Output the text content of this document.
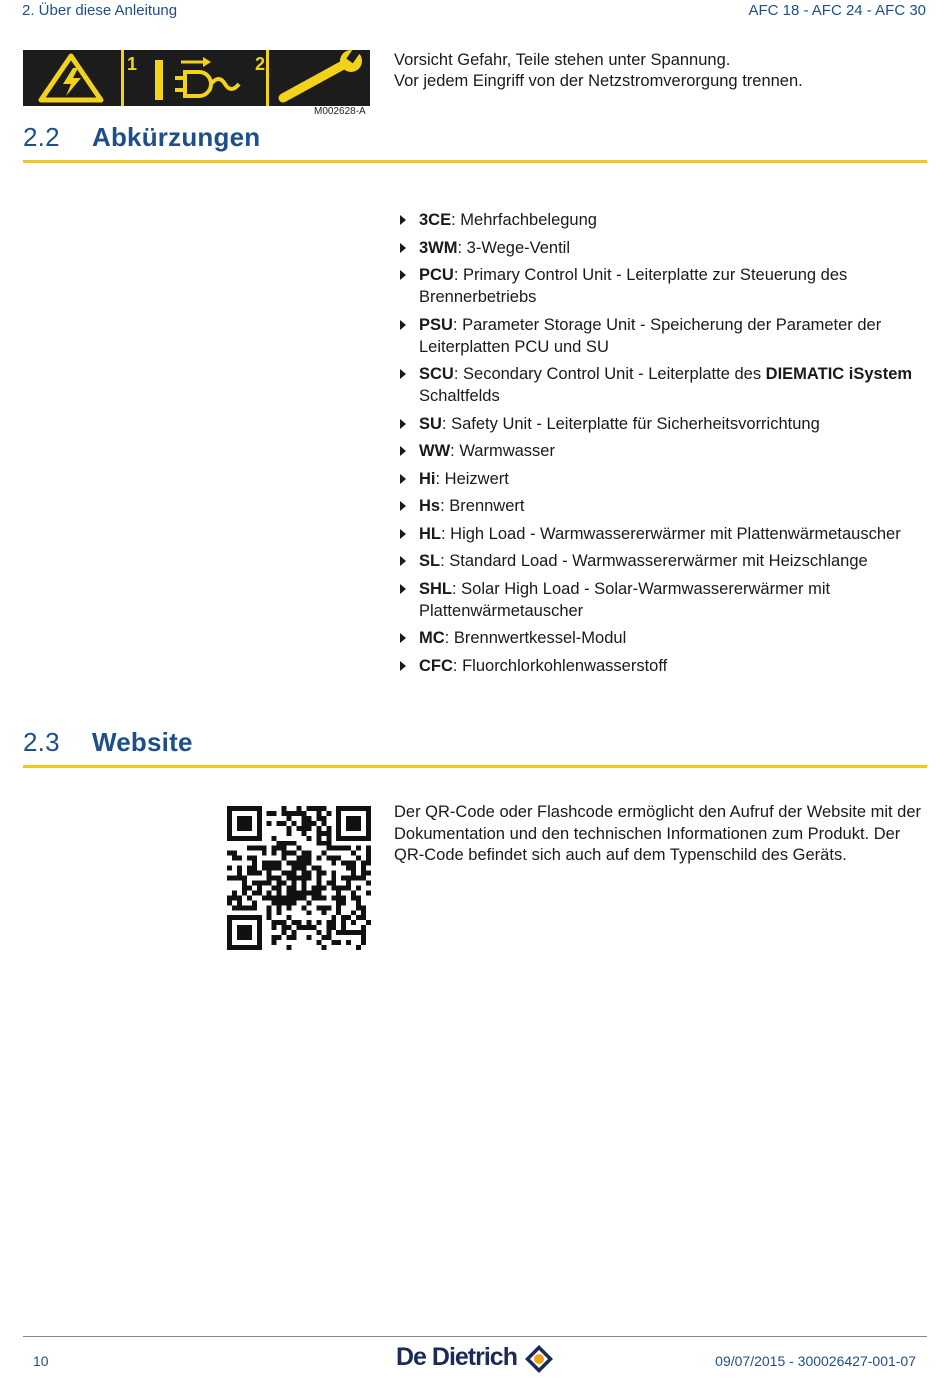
2. Über diese Anleitung	AFC 18 - AFC 24 - AFC 30
1	2
M002628-A
Vorsicht Gefahr, Teile stehen unter Spannung.
Vor jedem Eingriff von der Netzstromverorgung trennen.
2.2 Abkürzungen
3CE: Mehrfachbelegung
3WM: 3-Wege-Ventil
PCU: Primary Control Unit - Leiterplatte zur Steuerung des Brennerbetriebs
PSU: Parameter Storage Unit - Speicherung der Parameter der Leiterplatten PCU und SU
SCU: Secondary Control Unit - Leiterplatte des DIEMATIC iSystem Schaltfelds
SU: Safety Unit - Leiterplatte für Sicherheitsvorrichtung
WW: Warmwasser
Hi: Heizwert
Hs: Brennwert
HL: High Load - Warmwassererwärmer mit Plattenwärmetauscher
SL: Standard Load - Warmwassererwärmer mit Heizschlange
SHL: Solar High Load - Solar-Warmwassererwärmer mit Plattenwärmetauscher
MC: Brennwertkessel-Modul
CFC: Fluorchlorkohlenwasserstoff
2.3 Website
Der QR-Code oder Flashcode ermöglicht den Aufruf der Website mit der Dokumentation und den technischen Informationen zum Produkt. Der QR-Code befindet sich auch auf dem Typenschild des Geräts.
10	De Dietrich	09/07/2015 - 300026427-001-07
